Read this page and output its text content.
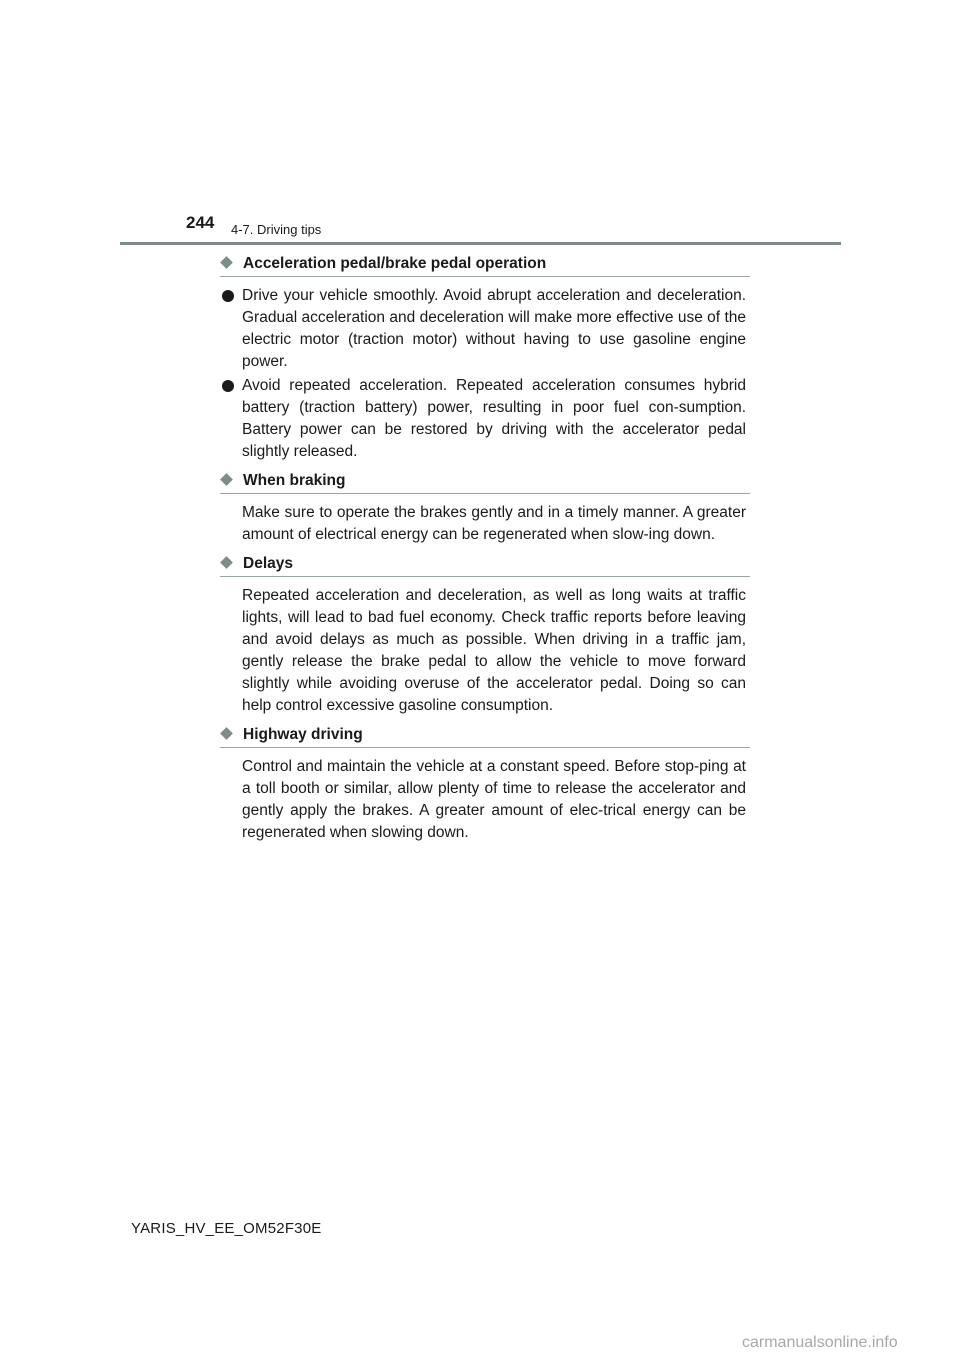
244 4-7. Driving tips
Acceleration pedal/brake pedal operation

Drive your vehicle smoothly. Avoid abrupt acceleration and deceleration. Gradual acceleration and deceleration will make more effective use of the electric motor (traction motor) without having to use gasoline engine power.

Avoid repeated acceleration. Repeated acceleration consumes hybrid battery (traction battery) power, resulting in poor fuel con-sumption. Battery power can be restored by driving with the accelerator pedal slightly released.

When braking

Make sure to operate the brakes gently and in a timely manner. A greater amount of electrical energy can be regenerated when slow-ing down.

Delays

Repeated acceleration and deceleration, as well as long waits at traffic lights, will lead to bad fuel economy. Check traffic reports before leaving and avoid delays as much as possible. When driving in a traffic jam, gently release the brake pedal to allow the vehicle to move forward slightly while avoiding overuse of the accelerator pedal. Doing so can help control excessive gasoline consumption.

Highway driving

Control and maintain the vehicle at a constant speed. Before stop-ping at a toll booth or similar, allow plenty of time to release the accelerator and gently apply the brakes. A greater amount of elec-trical energy can be regenerated when slowing down.

YARIS_HV_EE_OM52F30E
carmanualsonline.info
